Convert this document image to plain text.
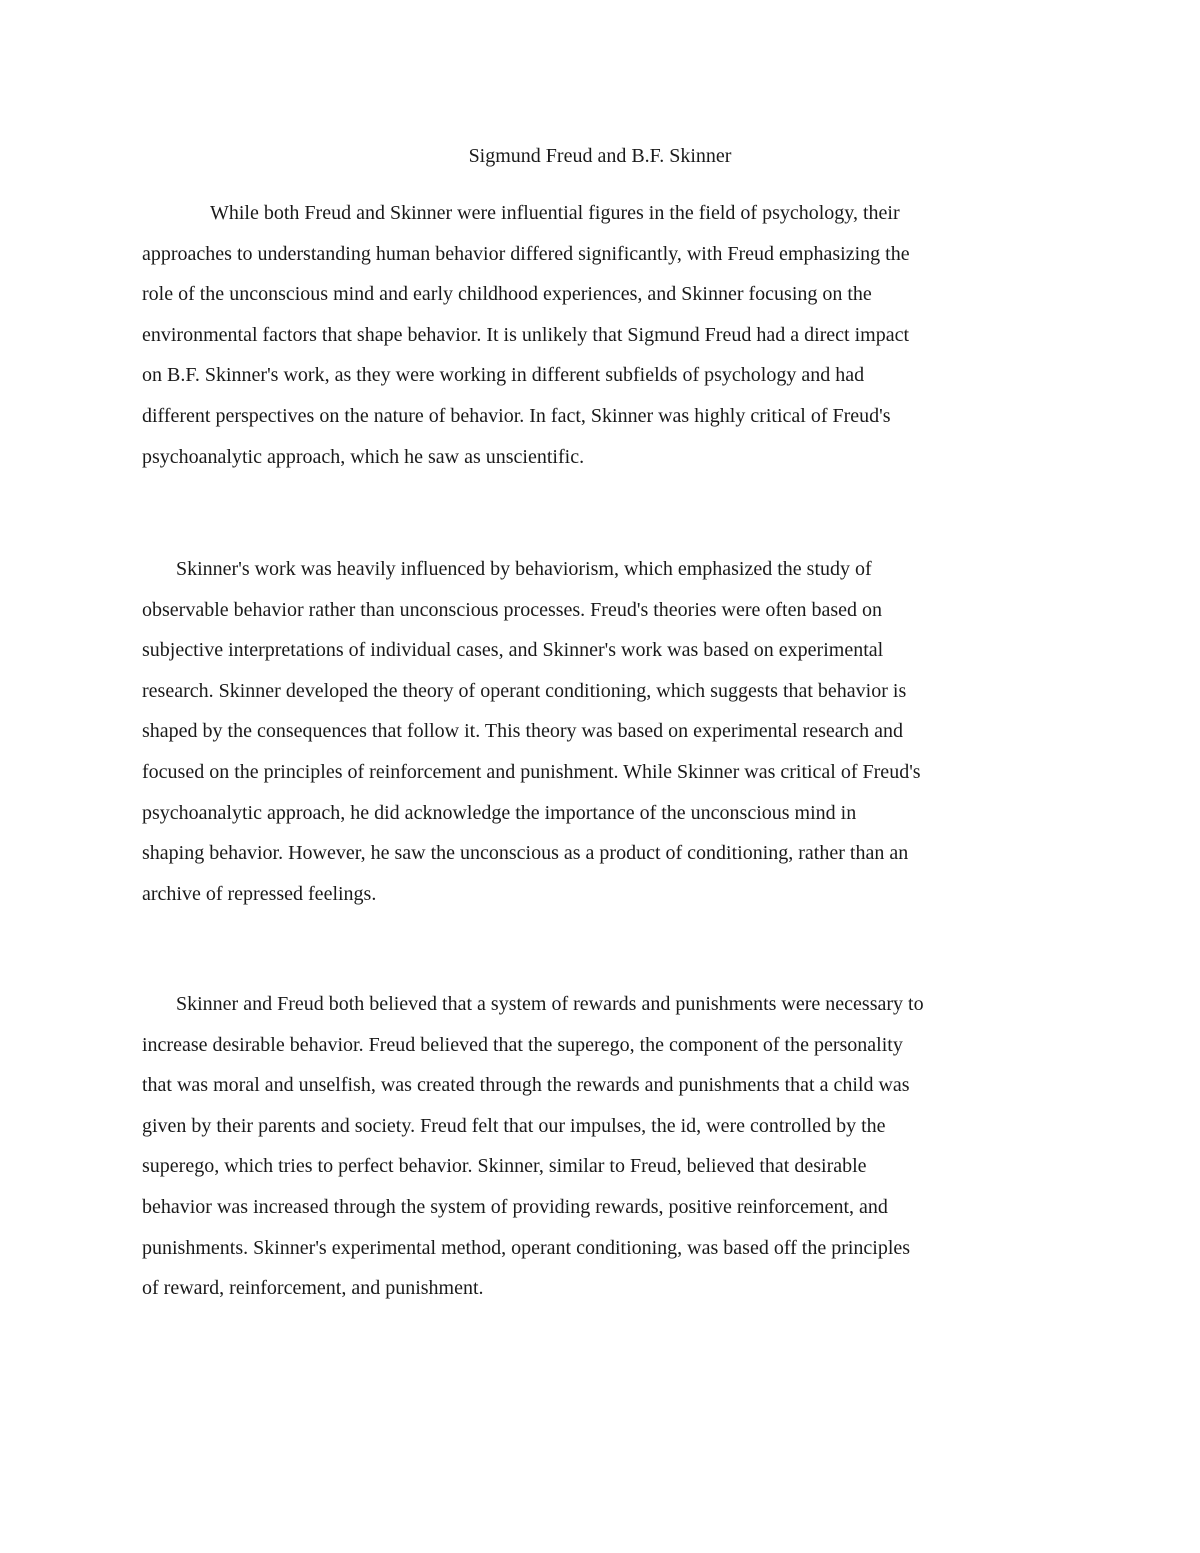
Sigmund Freud and B.F. Skinner
While both Freud and Skinner were influential figures in the field of psychology, their
approaches to understanding human behavior differed significantly, with Freud emphasizing the
role of the unconscious mind and early childhood experiences, and Skinner focusing on the
environmental factors that shape behavior. It is unlikely that Sigmund Freud had a direct impact
on B.F. Skinner's work, as they were working in different subfields of psychology and had
different perspectives on the nature of behavior. In fact, Skinner was highly critical of Freud's
psychoanalytic approach, which he saw as unscientific.
Skinner's work was heavily influenced by behaviorism, which emphasized the study of
observable behavior rather than unconscious processes. Freud's theories were often based on
subjective interpretations of individual cases, and Skinner's work was based on experimental
research. Skinner developed the theory of operant conditioning, which suggests that behavior is
shaped by the consequences that follow it. This theory was based on experimental research and
focused on the principles of reinforcement and punishment. While Skinner was critical of Freud's
psychoanalytic approach, he did acknowledge the importance of the unconscious mind in
shaping behavior. However, he saw the unconscious as a product of conditioning, rather than an
archive of repressed feelings.
Skinner and Freud both believed that a system of rewards and punishments were necessary to
increase desirable behavior. Freud believed that the superego, the component of the personality
that was moral and unselfish, was created through the rewards and punishments that a child was
given by their parents and society. Freud felt that our impulses, the id, were controlled by the
superego, which tries to perfect behavior. Skinner, similar to Freud, believed that desirable
behavior was increased through the system of providing rewards, positive reinforcement, and
punishments. Skinner's experimental method, operant conditioning, was based off the principles
of reward, reinforcement, and punishment.
